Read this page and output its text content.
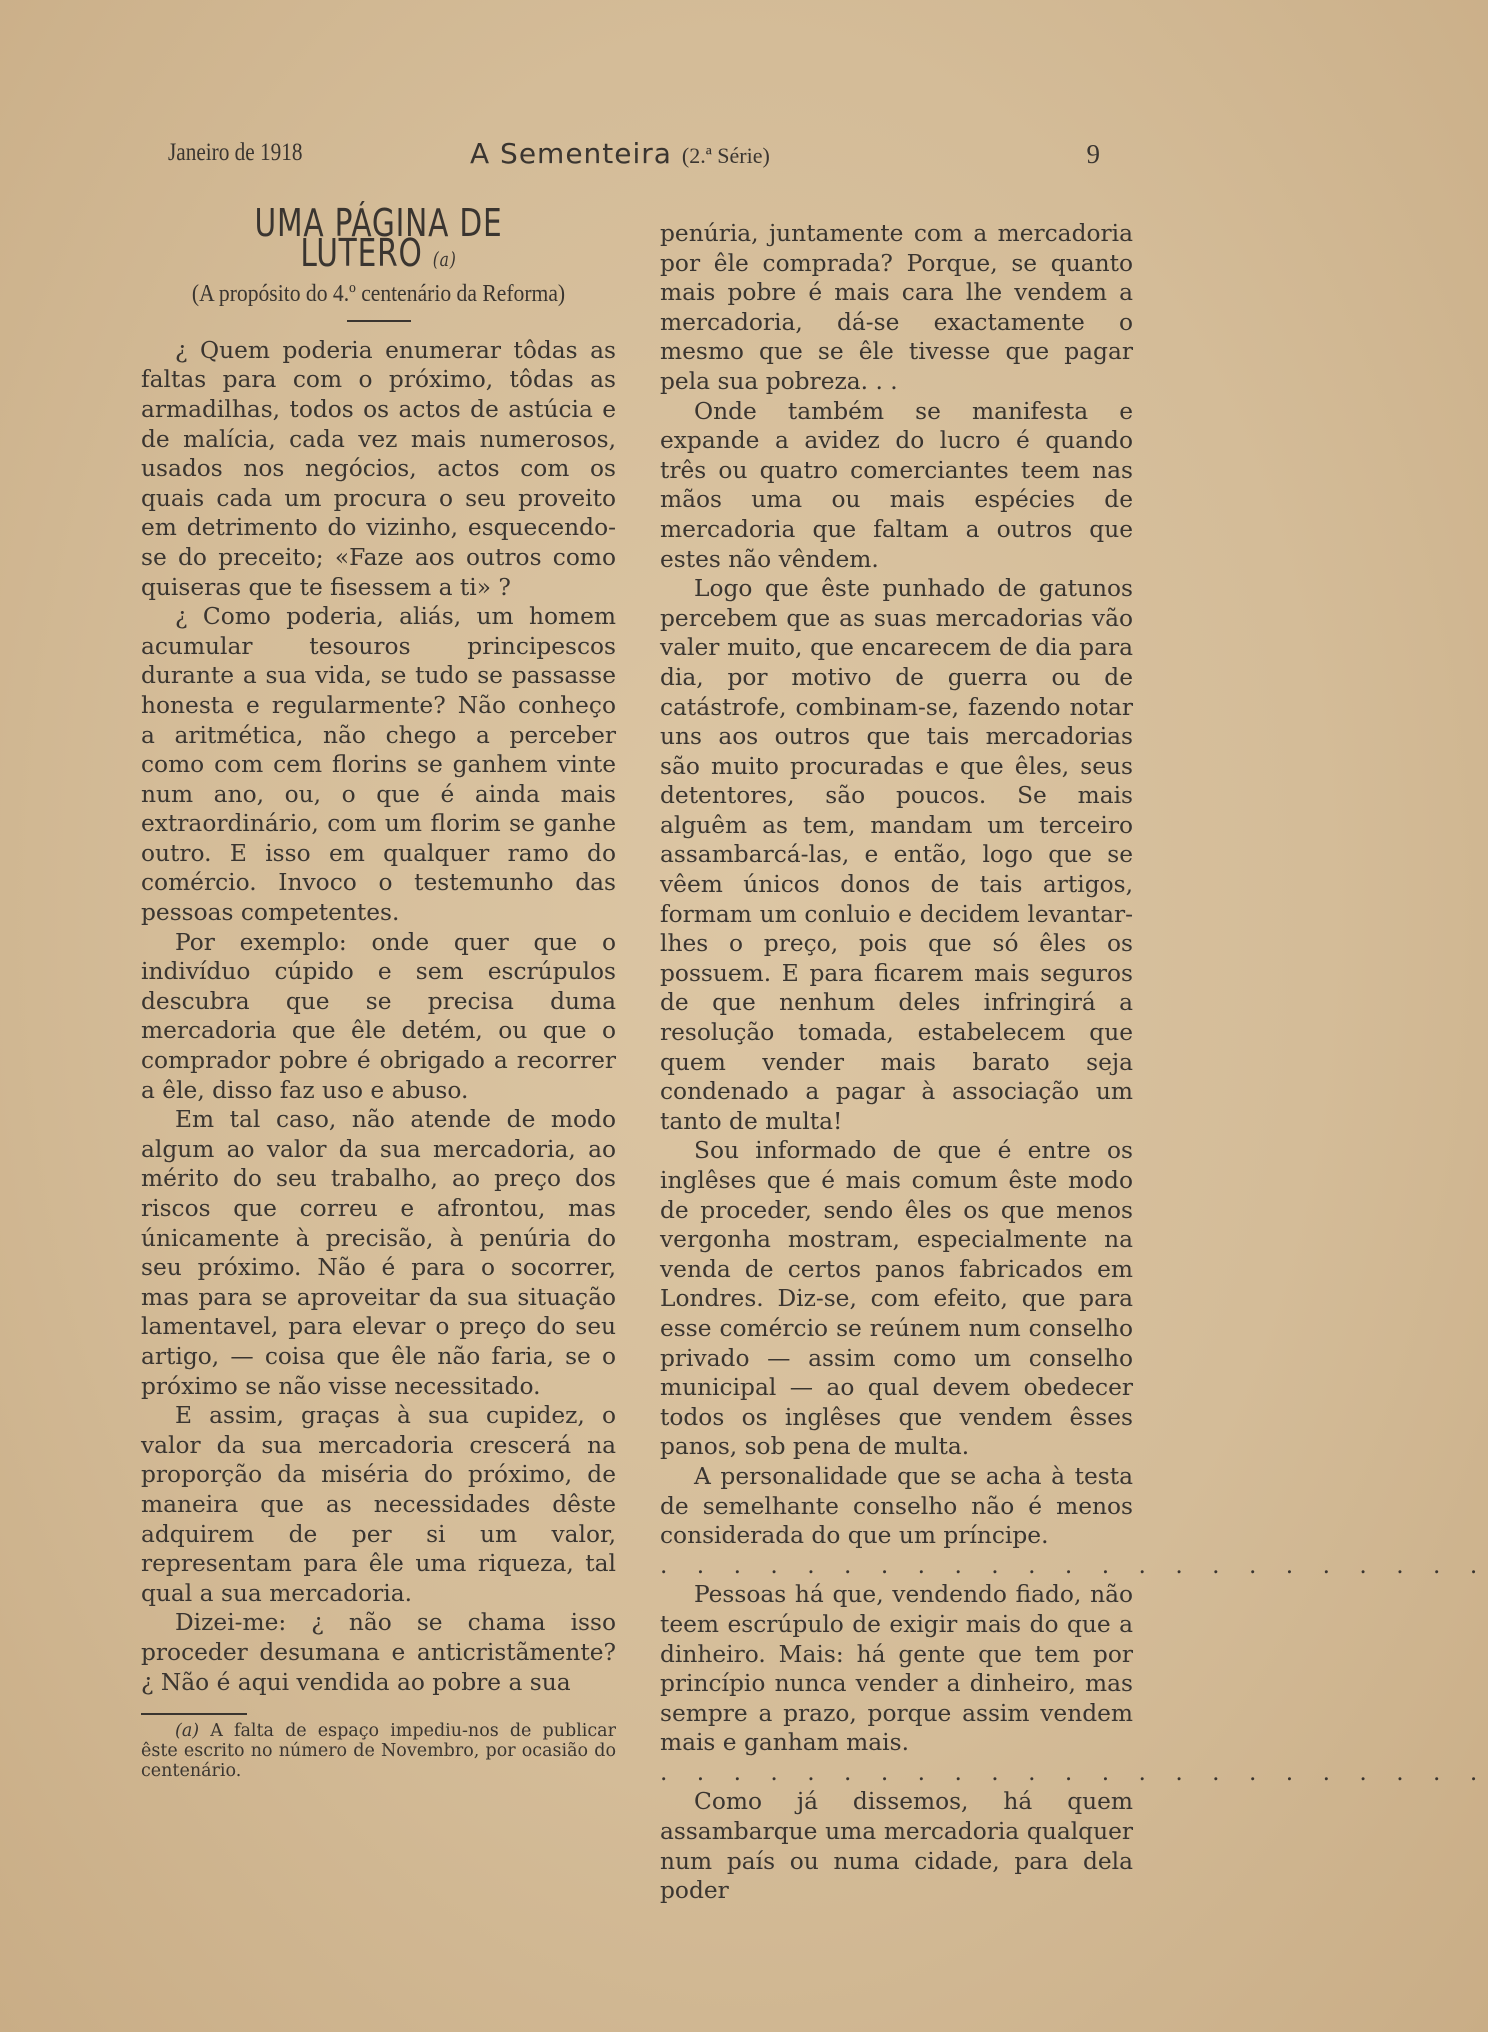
Janeiro de 1918	A Sementeira (2.ª Série)	9
UMA PÁGINA DE LUTERO (a)
(A propósito do 4.º centenário da Reforma)

¿ Quem poderia enumerar tôdas as faltas para com o próximo, tôdas as armadilhas, todos os actos de astúcia e de malícia, cada vez mais numerosos, usados nos negócios, actos com os quais cada um procura o seu proveito em detrimento do vizinho, esquecendo-se do preceito; «Faze aos outros como quiseras que te fisessem a ti» ?

¿ Como poderia, aliás, um homem acumular tesouros principescos durante a sua vida, se tudo se passasse honesta e regularmente? Não conheço a aritmética, não chego a perceber como com cem florins se ganhem vinte num ano, ou, o que é ainda mais extraordinário, com um florim se ganhe outro. E isso em qualquer ramo do comércio. Invoco o testemunho das pessoas competentes.

Por exemplo: onde quer que o indivíduo cúpido e sem escrúpulos descubra que se precisa duma mercadoria que êle detém, ou que o comprador pobre é obrigado a recorrer a êle, disso faz uso e abuso.

Em tal caso, não atende de modo algum ao valor da sua mercadoria, ao mérito do seu trabalho, ao preço dos riscos que correu e afrontou, mas únicamente à precisão, à penúria do seu próximo. Não é para o socorrer, mas para se aproveitar da sua situação lamentavel, para elevar o preço do seu artigo, — coisa que êle não faria, se o próximo se não visse necessitado.

E assim, graças à sua cupidez, o valor da sua mercadoria crescerá na proporção da miséria do próximo, de maneira que as necessidades dêste adquirem de per si um valor, representam para êle uma riqueza, tal qual a sua mercadoria.

Dizei-me: ¿ não se chama isso proceder desumana e anticristãmente? ¿ Não é aqui vendida ao pobre a sua

(a) A falta de espaço impediu-nos de publicar êste escrito no número de Novembro, por ocasião do centenário.

penúria, juntamente com a mercadoria por êle comprada? Porque, se quanto mais pobre é mais cara lhe vendem a mercadoria, dá-se exactamente o mesmo que se êle tivesse que pagar pela sua pobreza. . .

Onde também se manifesta e expande a avidez do lucro é quando três ou quatro comerciantes teem nas mãos uma ou mais espécies de mercadoria que faltam a outros que estes não vêndem.

Logo que êste punhado de gatunos percebem que as suas mercadorias vão valer muito, que encarecem de dia para dia, por motivo de guerra ou de catástrofe, combinam-se, fazendo notar uns aos outros que tais mercadorias são muito procuradas e que êles, seus detentores, são poucos. Se mais alguêm as tem, mandam um terceiro assambarcá-las, e então, logo que se vêem únicos donos de tais artigos, formam um conluio e decidem levantar-lhes o preço, pois que só êles os possuem. E para ficarem mais seguros de que nenhum deles infringirá a resolução tomada, estabelecem que quem vender mais barato seja condenado a pagar à associação um tanto de multa!

Sou informado de que é entre os inglêses que é mais comum êste modo de proceder, sendo êles os que menos vergonha mostram, especialmente na venda de certos panos fabricados em Londres. Diz-se, com efeito, que para esse comércio se reúnem num conselho privado — assim como um conselho municipal — ao qual devem obedecer todos os inglêses que vendem êsses panos, sob pena de multa.

A personalidade que se acha à testa de semelhante conselho não é menos considerada do que um príncipe.

. . . . . . . . . . . . . . . . . . . . . . .

Pessoas há que, vendendo fiado, não teem escrúpulo de exigir mais do que a dinheiro. Mais: há gente que tem por princípio nunca vender a dinheiro, mas sempre a prazo, porque assim vendem mais e ganham mais.

. . . . . . . . . . . . . . . . . . . . . . .

Como já dissemos, há quem assambarque uma mercadoria qualquer num país ou numa cidade, para dela poder
